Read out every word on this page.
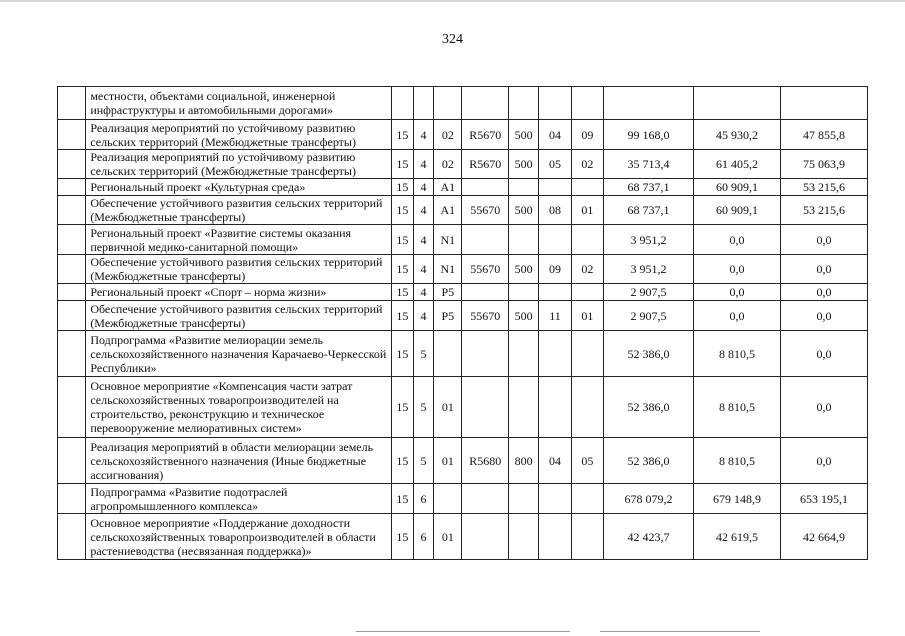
324
	местности, объектами социальной, инженерной инфраструктуры и автомобильными дорогами»										
	Реализация мероприятий по устойчивому развитию сельских территорий (Межбюджетные трансферты)	15	4	02	R5670	500	04	09	99 168,0	45 930,2	47 855,8
	Реализация мероприятий по устойчивому развитию сельских территорий (Межбюджетные трансферты)	15	4	02	R5670	500	05	02	35 713,4	61 405,2	75 063,9
	Региональный проект «Культурная среда»	15	4	А1					68 737,1	60 909,1	53 215,6
	Обеспечение устойчивого развития сельских территорий (Межбюджетные трансферты)	15	4	А1	55670	500	08	01	68 737,1	60 909,1	53 215,6
	Региональный проект «Развитие системы оказания первичной медико-санитарной помощи»	15	4	N1					3 951,2	0,0	0,0
	Обеспечение устойчивого развития сельских территорий (Межбюджетные трансферты)	15	4	N1	55670	500	09	02	3 951,2	0,0	0,0
	Региональный проект «Спорт – норма жизни»	15	4	P5					2 907,5	0,0	0,0
	Обеспечение устойчивого развития сельских территорий (Межбюджетные трансферты)	15	4	P5	55670	500	11	01	2 907,5	0,0	0,0
	Подпрограмма «Развитие мелиорации земель сельскохозяйственного назначения Карачаево-Черкесской Республики»	15	5						52 386,0	8 810,5	0,0
	Основное мероприятие «Компенсация части затрат сельскохозяйственных товаропроизводителей на строительство, реконструкцию и техническое перевооружение мелиоративных систем»	15	5	01					52 386,0	8 810,5	0,0
	Реализация мероприятий в области мелиорации земель сельскохозяйственного назначения (Иные бюджетные ассигнования)	15	5	01	R5680	800	04	05	52 386,0	8 810,5	0,0
	Подпрограмма «Развитие подотраслей агропромышленного комплекса»	15	6						678 079,2	679 148,9	653 195,1
	Основное мероприятие «Поддержание доходности сельскохозяйственных товаропроизводителей в области растениеводства (несвязанная поддержка)»	15	6	01					42 423,7	42 619,5	42 664,9
